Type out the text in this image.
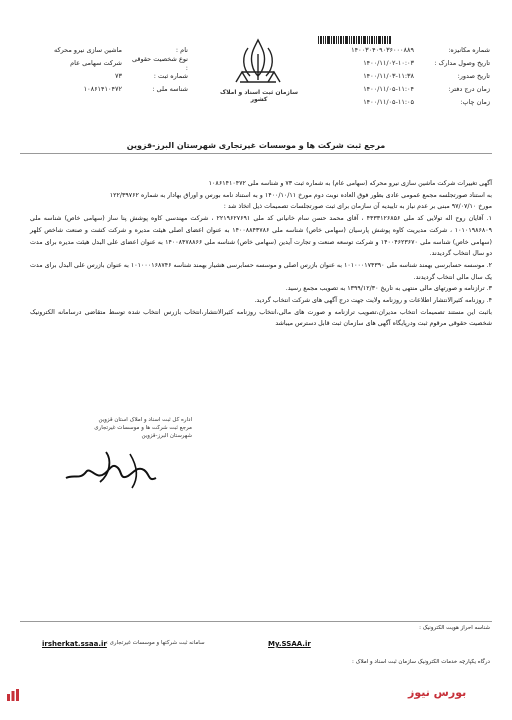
نام :
ماشین سازی نیرو محرکه
نوع شخصیت حقوقی :
شرکت سهامی عام
شماره ثبت :
۷۳
شناسه ملی :
۱۰۸۶۱۴۱۰۴۷۲	سازمان ثبت اسناد و املاک کشور
شماره مکانیزه:
۱۴۰۰۳۰۴۰۹۰۳۶۰۰۰۸۸۹
تاریخ وصول مدارک :
۱۴۰۰/۱۱/۰۲-۱۰:۰۳
تاریخ صدور:
۱۴۰۰/۱۱/۰۳-۱۱:۳۸
زمان درج دفتر:
۱۴۰۰/۱۱/۰۵-۱۱:۰۴
زمان چاپ:
۱۴۰۰/۱۱/۰۵-۱۱:۰۵
مرجع ثبت شرکت ها و موسسات غیرتجاری شهرستان البرز-قزوین
آگهی تغییرات شرکت ماشین سازی نیرو محرکه (سهامی عام) به شماره ثبت ۷۳ و شناسه ملی ۱۰۸۶۱۴۱۰۴۷۲
به استناد صورتجلسه مجمع عمومی عادی بطور فوق العاده نوبت دوم مورخ ۱۴۰۰/۱۰/۱۱ و به استناد نامه بورس و اوراق بهادار به شماره ۱۲۲/۳۹۷۶۲
مورخ ۹۷/۰۷/۱۰ مبنی بر عدم نیاز به تاییدیه آن سازمان برای ثبت صورتجلسات تصمیمات ذیل اتخاذ شد :
۱. آقایان روح اله تولایی کد ملی ۴۴۳۳۱۲۶۸۵۶ ، آقای محمد حسن سام خانیانی کد ملی ۲۲۱۹۶۲۷۶۹۱ ، شرکت مهندسی کاوه پوشش پنا ساز (سهامی خاص) شناسه ملی ۱۰۱۰۱۹۸۶۸۰۹ ، شرکت مدیریت کاوه پوشش پارسیان (سهامی خاص) شناسه ملی ۱۴۰۰۸۸۴۳۷۸۶ به عنوان اعضای اصلی هیئت مدیره و شرکت کشت و صنعت شاخص کلهر (سهامی خاص) شناسه ملی ۱۴۰۰۴۶۲۳۶۷۰ و شرکت توسعه صنعت و تجارت آیدین (سهامی خاص) شناسه ملی ۱۴۰۰۸۴۷۸۸۶۶ به عنوان اعضای علی البدل هیئت مدیره برای مدت دو سال انتخاب گردیدند.
۲. موسسه حسابرسی بهمند شناسه ملی ۱۰۱۰۰۰۱۷۴۳۹۰ به عنوان بازرس اصلی و موسسه حسابرسی هشیار بهمند شناسه ۱۰۱۰۰۰۱۶۸۷۴۶ به عنوان بازرس علی البدل برای مدت یک سال مالی انتخاب گردیدند.
۳. ترازنامه و صورتهای مالی منتهی به تاریخ ۱۳۹۹/۱۲/۳۰ به تصویب مجمع رسید.
۴. روزنامه کثیرالانتشار اطلاعات و روزنامه ولایت جهت درج آگهی های شرکت انتخاب گردید.
باثبت این مستند تصمیمات انتخاب مدیران،تصویب ترازنامه و صورت های مالی،انتخاب روزنامه کثیرالانتشار،انتخاب بازرس انتخاب شده توسط متقاضی درسامانه الکترونیک شخصیت حقوقی مرقوم ثبت ودرپایگاه آگهی های سازمان ثبت قابل دسترس میباشد
اداره کل ثبت اسناد و املاک استان قزوین
مرجع ثبت شرکت ها و موسسات غیرتجاری شهرستان البرز-قزوین
شناسه احراز هویت الکترونیک :
irsherkat.ssaa.ir سامانه ثبت شرکتها و موسسات غیرتجاری :	My.SSAA.ir
درگاه یکپارچه خدمات الکترونیک سازمان ثبت اسناد و املاک :
بورس نیوز
